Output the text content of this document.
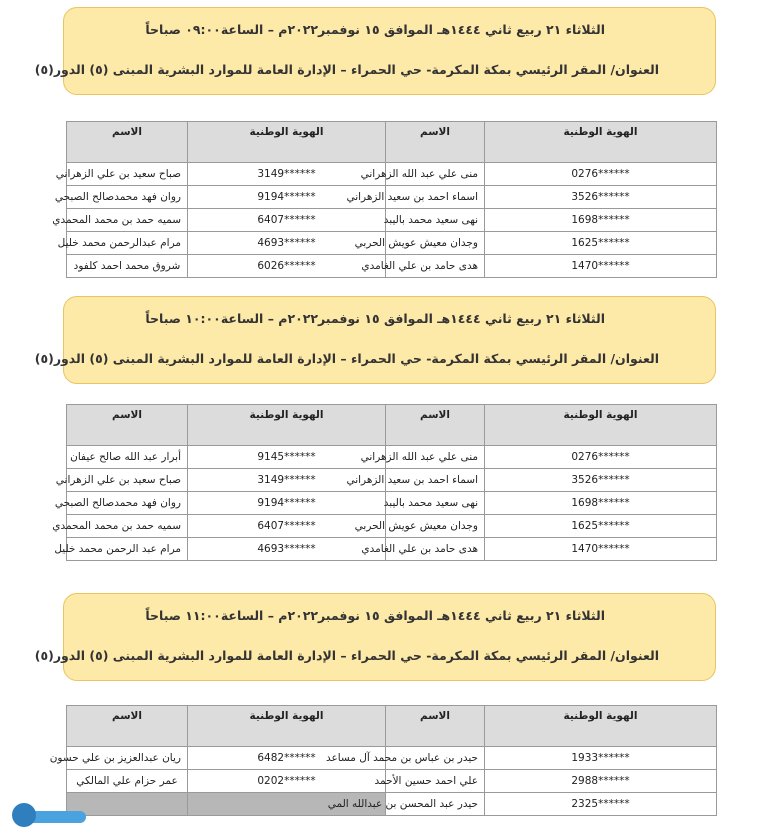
الثلاثاء ٢١ ربيع ثاني ١٤٤٤هـ الموافق ١٥ نوفمبر٢٠٢٢م – الساعة٠٩:٠٠ صباحاً
العنوان/ المقر الرئيسي بمكة المكرمة- حي الحمراء – الإدارة العامة للموارد البشرية المبنى (٥) الدور(٥)
الاسم	الهوية الوطنية	الاسم	الهوية الوطنية
صباح سعيد بن علي الزهراني	3149******	منى علي عبد الله الزهراني	0276******
روان فهد محمدصالح الصبحي	9194******	اسماء احمد بن سعيد الزهراني	3526******
سميه حمد بن محمد المحمدي	6407******	نهى سعيد محمد باليبد	1698******
مرام عبدالرحمن محمد خليل	4693******	وجدان معيش عويش الحربي	1625******
شروق محمد احمد كلفود	6026******	هدى حامد بن علي الغامدي	1470******
الثلاثاء ٢١ ربيع ثاني ١٤٤٤هـ الموافق ١٥ نوفمبر٢٠٢٢م – الساعة١٠:٠٠ صباحاً
العنوان/ المقر الرئيسي بمكة المكرمة- حي الحمراء – الإدارة العامة للموارد البشرية المبنى (٥) الدور(٥)
الاسم	الهوية الوطنية	الاسم	الهوية الوطنية
أبرار عبد الله صالح عيفان	9145******	منى علي عبد الله الزهراني	0276******
صباح سعيد بن علي الزهراني	3149******	اسماء احمد بن سعيد الزهراني	3526******
روان فهد محمدصالح الصبحي	9194******	نهى سعيد محمد باليبد	1698******
سميه حمد بن محمد المحمدي	6407******	وجدان معيش عويش الحربي	1625******
مرام عبد الرحمن محمد خليل	4693******	هدى حامد بن علي الغامدي	1470******
الثلاثاء ٢١ ربيع ثاني ١٤٤٤هـ الموافق ١٥ نوفمبر٢٠٢٢م – الساعة١١:٠٠ صباحاً
العنوان/ المقر الرئيسي بمكة المكرمة- حي الحمراء – الإدارة العامة للموارد البشرية المبنى (٥) الدور(٥)
الاسم	الهوية الوطنية	الاسم	الهوية الوطنية
ريان عبدالعزيز بن علي حسون	6482******	حيدر بن عباس بن محمد آل مساعد	1933******
عمر حزام علي المالكي	0202******	علي احمد حسين الأحمد	2988******
		حيدر عبد المحسن بن عبدالله المي	2325******
